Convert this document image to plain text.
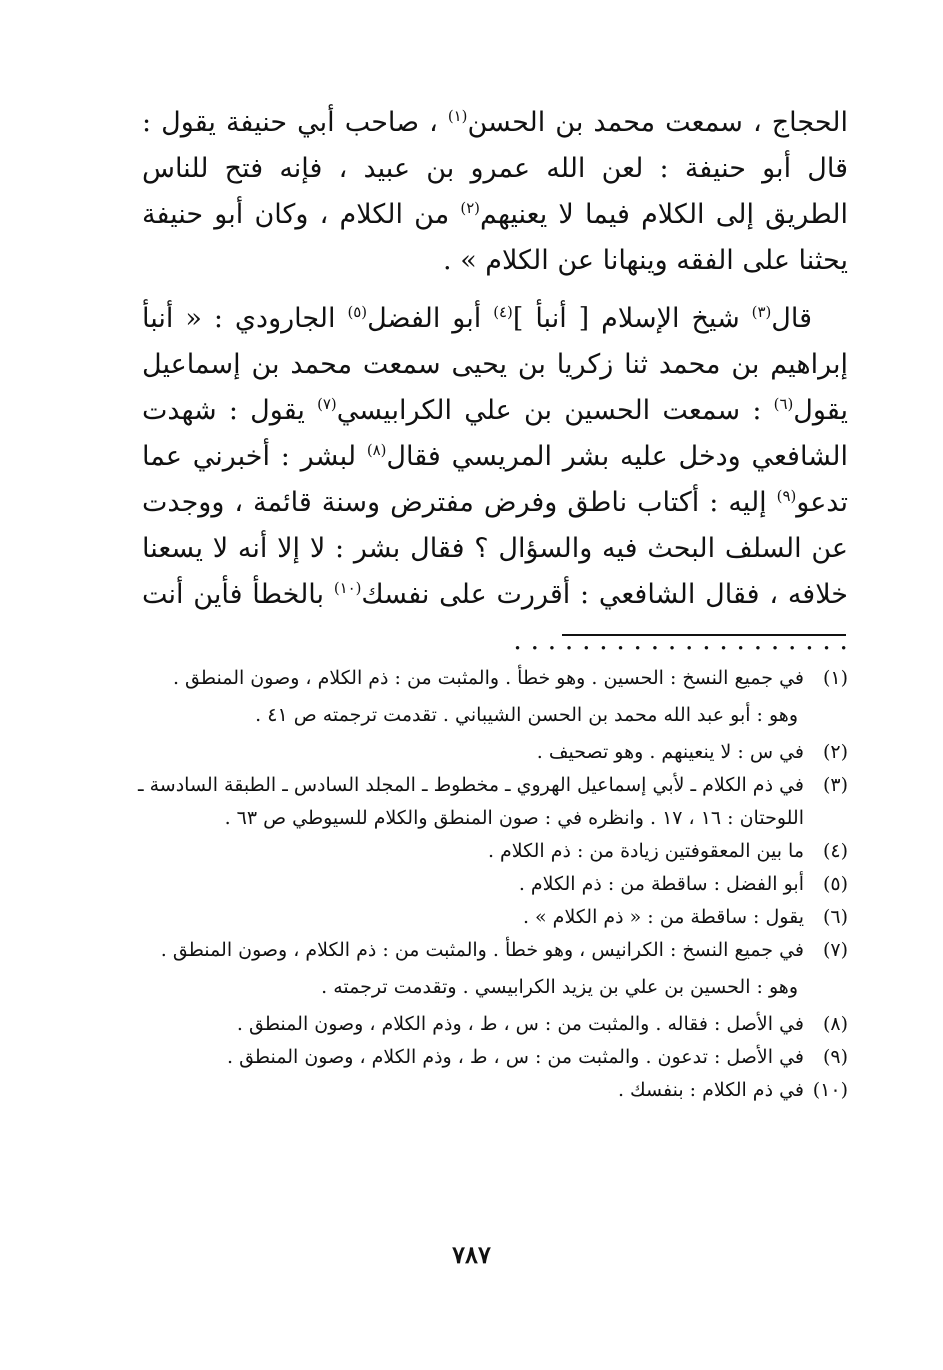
الحجاج ، سمعت محمد بن الحسن$^{(١)}$ ، صاحب أبي حنيفة يقول : قال أبو حنيفة : لعن الله عمرو بن عبيد ، فإنه فتح للناس الطريق إلى الكلام فيما لا يعنيهم$^{(٢)}$ من الكلام ، وكان أبو حنيفة يحثنا على الفقه وينهانا عن الكلام » .

قال$^{(٣)}$ شيخ الإسلام [ أنبأ ]$^{(٤)}$ أبو الفضل$^{(٥)}$ الجارودي : « أنبأ إبراهيم بن محمد ثنا زكريا بن يحيى سمعت محمد بن إسماعيل يقول$^{(٦)}$ : سمعت الحسين بن علي الكرابيسي$^{(٧)}$ يقول : شهدت الشافعي ودخل عليه بشر المريسي فقال$^{(٨)}$ لبشر : أخبرني عما تدعو$^{(٩)}$ إليه : أكتاب ناطق وفرض مفترض وسنة قائمة ، ووجدت عن السلف البحث فيه والسؤال ؟ فقال بشر : لا إلا أنه لا يسعنا خلافه ، فقال الشافعي : أقررت على نفسك$^{(١٠)}$ بالخطأ فأين أنت . . . . . . . . . . . . . . . . . . . .

(١)
في جميع النسخ : الحسين . وهو خطأ . والمثبت من : ذم الكلام ، وصون المنطق .
وهو : أبو عبد الله محمد بن الحسن الشيباني . تقدمت ترجمته ص ٤١ .
(٢)
في س : لا ينعينهم . وهو تصحيف .
(٣)
في ذم الكلام ـ لأبي إسماعيل الهروي ـ مخطوط ـ المجلد السادس ـ الطبقة السادسة ـ اللوحتان : ١٦ ، ١٧ . وانظره في : صون المنطق والكلام للسيوطي ص ٦٣ .
(٤)
ما بين المعقوفتين زيادة من : ذم الكلام .
(٥)
أبو الفضل : ساقطة من : ذم الكلام .
(٦)
يقول : ساقطة من : « ذم الكلام » .
(٧)
في جميع النسخ : الكرانيس ، وهو خطأ . والمثبت من : ذم الكلام ، وصون المنطق .
وهو : الحسين بن علي بن يزيد الكرابيسي . وتقدمت ترجمته .
(٨)
في الأصل : فقاله . والمثبت من : س ، ط ، وذم الكلام ، وصون المنطق .
(٩)
في الأصل : تدعون . والمثبت من : س ، ط ، وذم الكلام ، وصون المنطق .
(١٠)
في ذم الكلام : بنفسك .
٧٨٧
